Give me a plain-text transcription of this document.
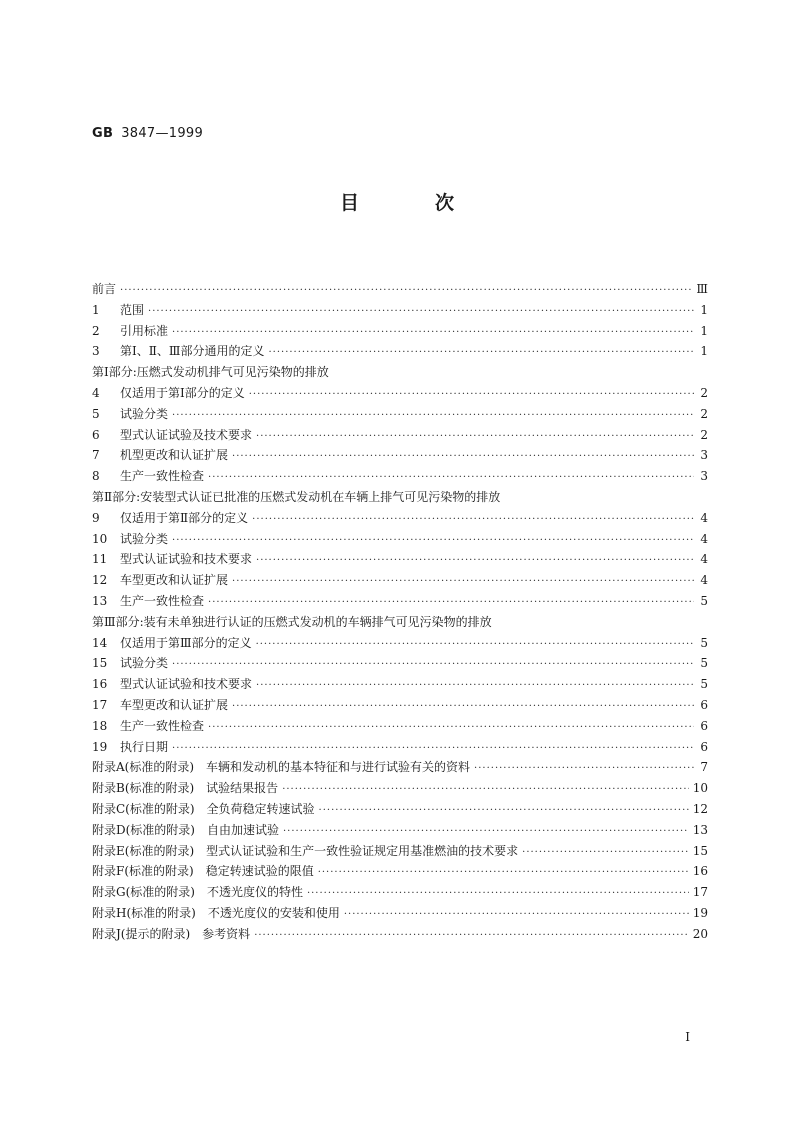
GB 3847—1999
目	次
前言 ·····	Ⅲ
1	范围 ·····	1
2	引用标准 ·····	1
3	第Ⅰ、Ⅱ、Ⅲ部分通用的定义 ·····	1
第Ⅰ部分:压燃式发动机排气可见污染物的排放
4	仅适用于第Ⅰ部分的定义 ·····	2
5	试验分类 ·····	2
6	型式认证试验及技术要求 ·····	2
7	机型更改和认证扩展 ·····	3
8	生产一致性检查 ·····	3
第Ⅱ部分:安装型式认证已批准的压燃式发动机在车辆上排气可见污染物的排放
9	仅适用于第Ⅱ部分的定义 ·····	4
10	试验分类 ·····	4
11	型式认证试验和技术要求 ·····	4
12	车型更改和认证扩展 ·····	4
13	生产一致性检查 ·····	5
第Ⅲ部分:装有未单独进行认证的压燃式发动机的车辆排气可见污染物的排放
14	仅适用于第Ⅲ部分的定义 ·····	5
15	试验分类 ·····	5
16	型式认证试验和技术要求 ·····	5
17	车型更改和认证扩展 ·····	6
18	生产一致性检查 ·····	6
19	执行日期 ·····	6
附录A(标准的附录)　车辆和发动机的基本特征和与进行试验有关的资料 ·····	7
附录B(标准的附录)　试验结果报告 ·····	10
附录C(标准的附录)　全负荷稳定转速试验 ·····	12
附录D(标准的附录)　自由加速试验 ·····	13
附录E(标准的附录)　型式认证试验和生产一致性验证规定用基准燃油的技术要求 ·····	15
附录F(标准的附录)　稳定转速试验的限值 ·····	16
附录G(标准的附录)　不透光度仪的特性 ·····	17
附录H(标准的附录)　不透光度仪的安装和使用 ·····	19
附录J(提示的附录)　参考资料 ·····	20
Ⅰ
